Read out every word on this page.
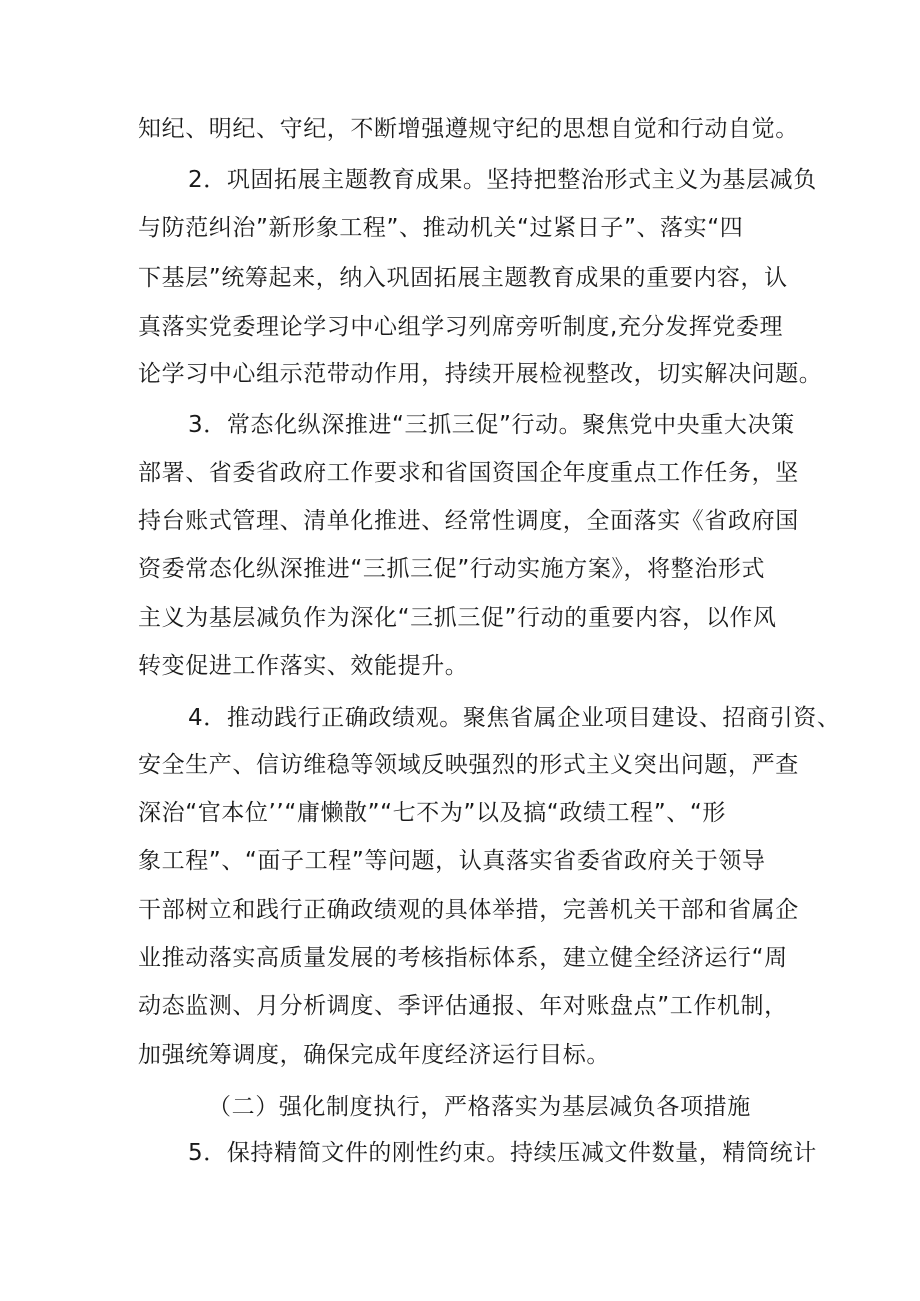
知纪、明纪、守纪，不断增强遵规守纪的思想自觉和行动自觉。
2．巩固拓展主题教育成果。坚持把整治形式主义为基层减负
与防范纠治”新形象工程”、推动机关“过紧日子”、落实“四
下基层”统筹起来，纳入巩固拓展主题教育成果的重要内容，认
真落实党委理论学习中心组学习列席旁听制度,充分发挥党委理
论学习中心组示范带动作用，持续开展检视整改，切实解决问题。
3．常态化纵深推进“三抓三促”行动。聚焦党中央重大决策
部署、省委省政府工作要求和省国资国企年度重点工作任务，坚
持台账式管理、清单化推进、经常性调度，全面落实《省政府国
资委常态化纵深推进“三抓三促”行动实施方案》，将整治形式
主义为基层减负作为深化“三抓三促”行动的重要内容，以作风
转变促进工作落实、效能提升。
4．推动践行正确政绩观。聚焦省属企业项目建设、招商引资、
安全生产、信访维稳等领域反映强烈的形式主义突出问题，严查
深治“官本位’’“庸懒散”“七不为”以及搞“政绩工程”、“形
象工程”、“面子工程”等问题，认真落实省委省政府关于领导
干部树立和践行正确政绩观的具体举措，完善机关干部和省属企
业推动落实高质量发展的考核指标体系，建立健全经济运行“周
动态监测、月分析调度、季评估通报、年对账盘点”工作机制，
加强统筹调度，确保完成年度经济运行目标。
（二）强化制度执行，严格落实为基层减负各项措施
5．保持精简文件的刚性约束。持续压减文件数量，精筒统计
